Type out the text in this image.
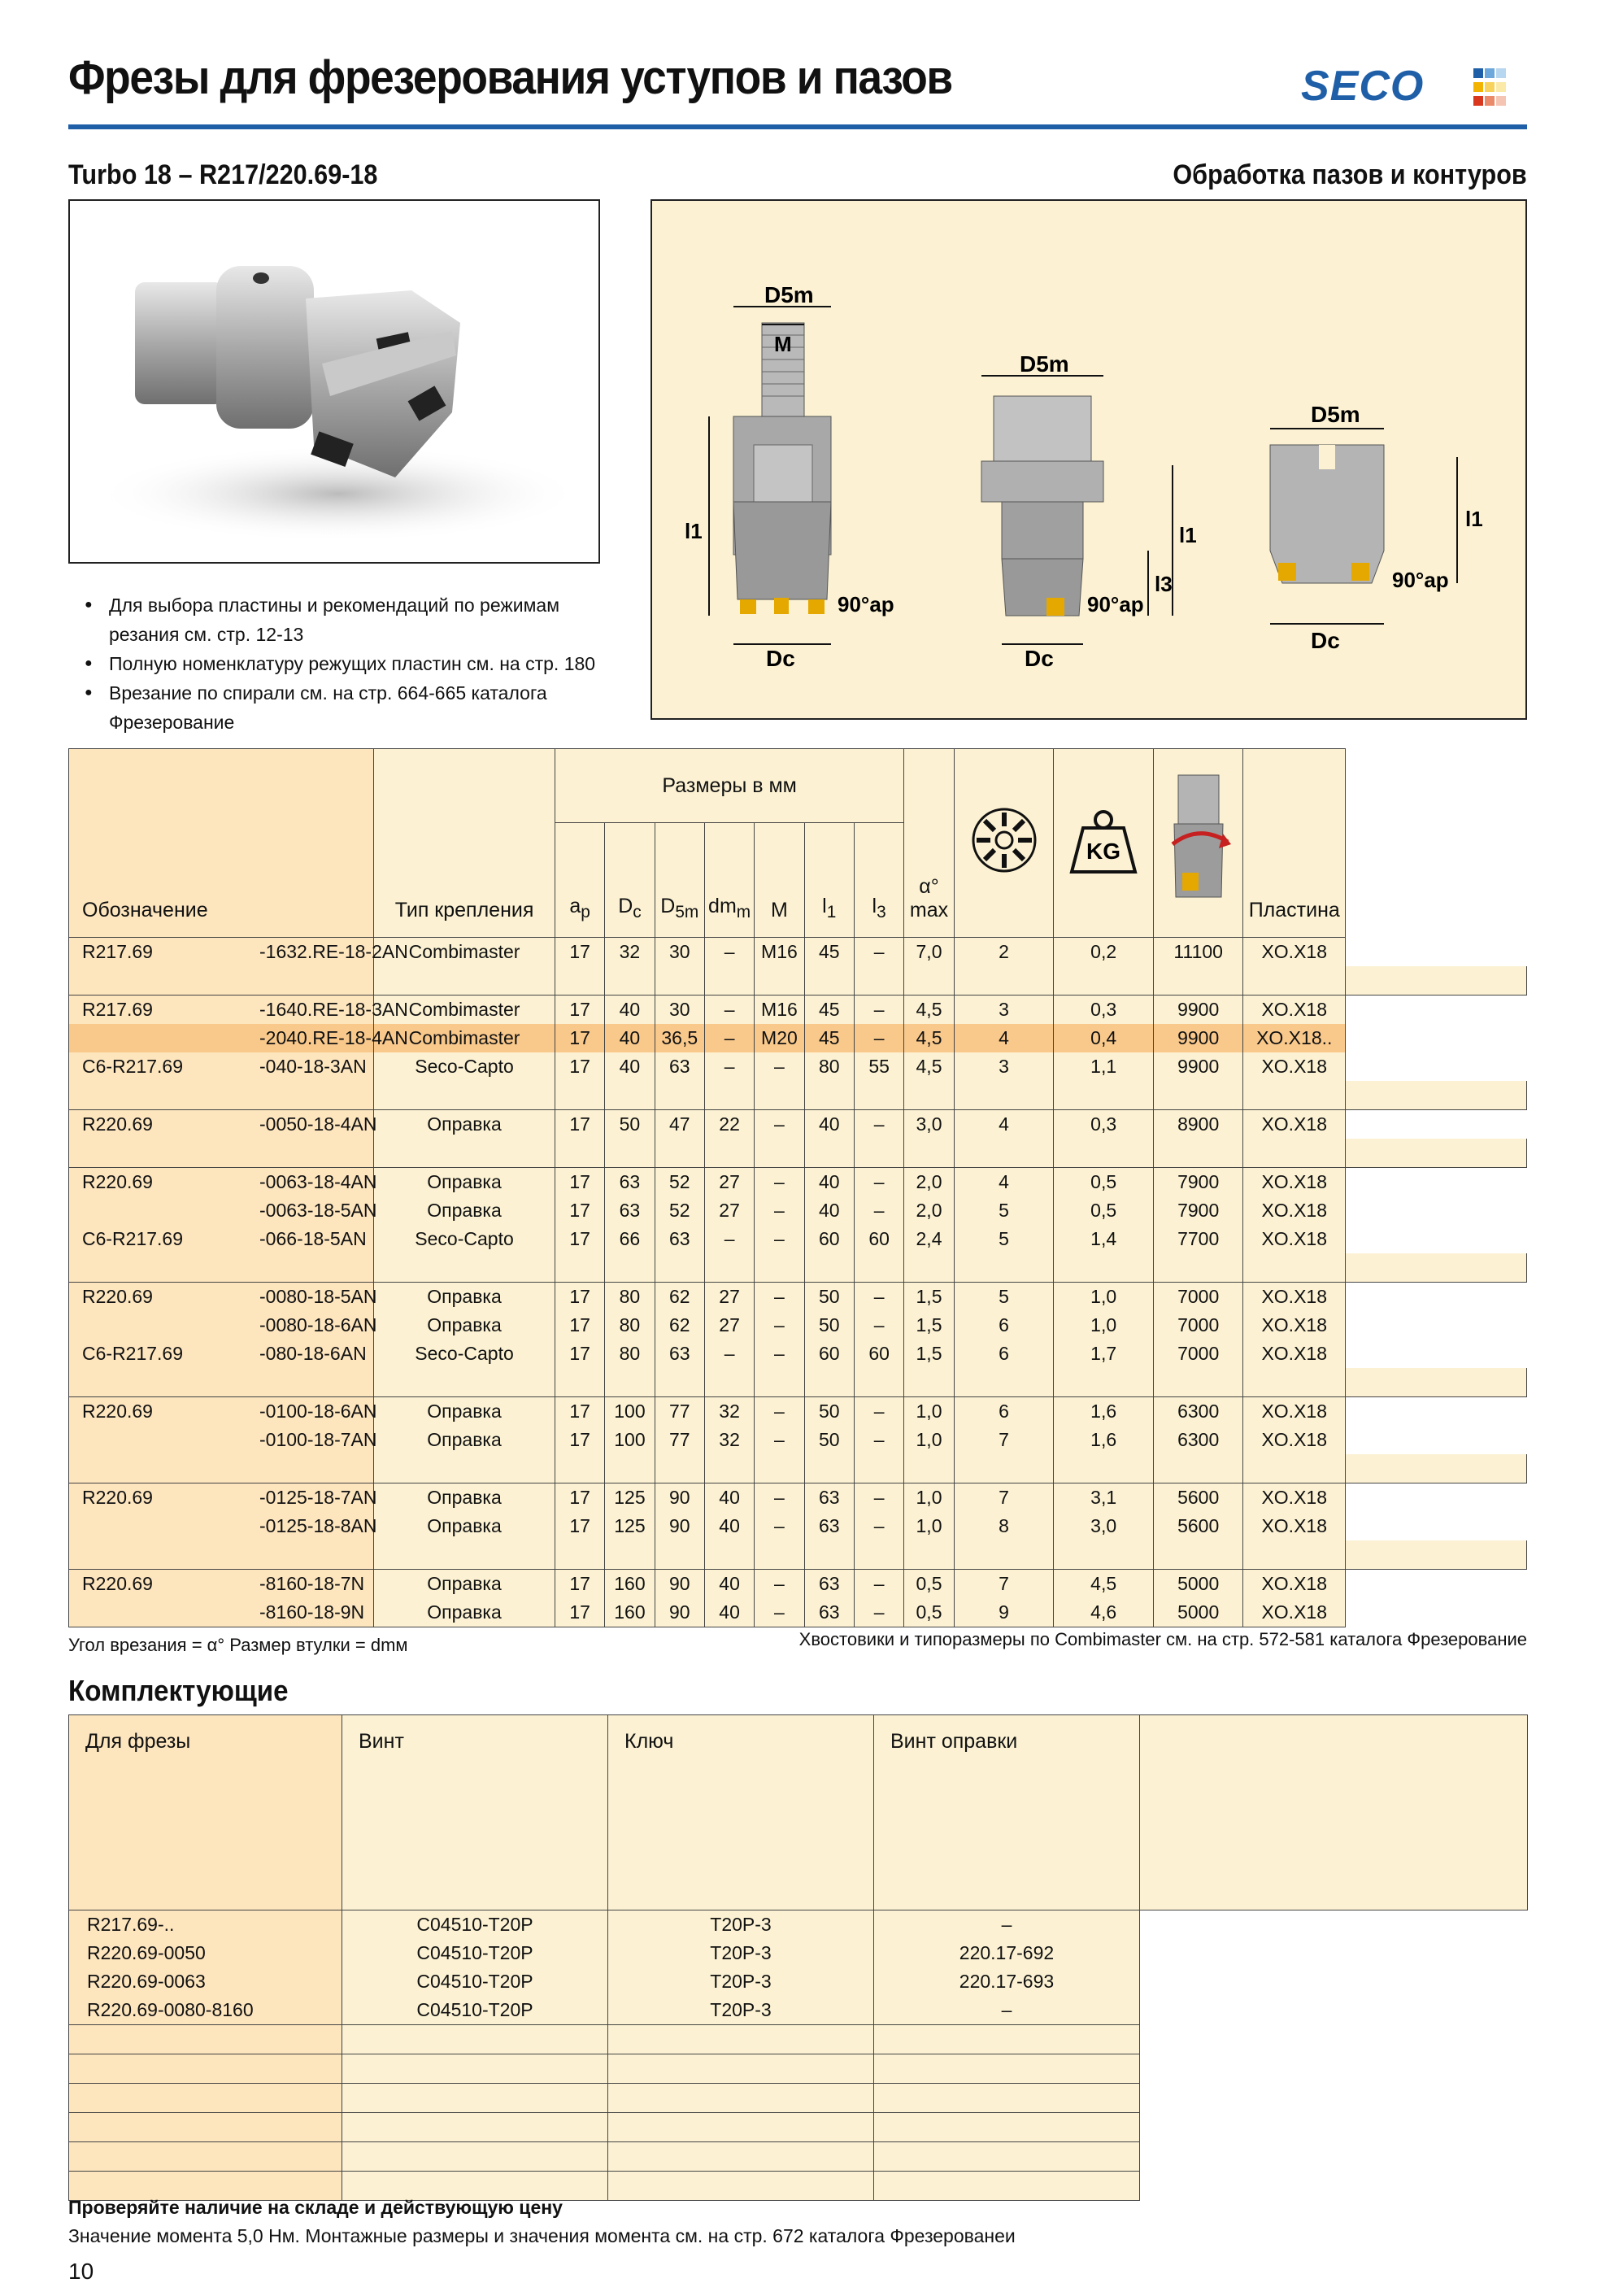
Фрезы для фрезерования уступов и пазов	SECO
Turbo 18 – R217/220.69-18	Обработка пазов и контуров
● Для выбора пластины и рекомендаций по режимам резания см. стр. 12-13
● Полную номенклатуру режущих пластин см. на стр. 180
● Врезание по спирали см. на стр. 664-665 каталога Фрезерование
D5m
M
l1
Dc
90°ap
D5m
l1
l3
Dc
90°ap
D5m
l1
Dc
90°ap
Обозначение	Тип крепления	Размеры в мм							α°
max		KG		Пластина	
		$a_p$	$D_c$	$D_{5m}$	$dm_m$	M	$l_1$	$l_3$
R217.69 -1632.RE-18-2AN	Combimaster	17	32	30	–	M16	45	–	7,0	2	0,2	11100	XO.X18	

R217.69 -1640.RE-18-3AN	Combimaster	17	40	30	–	M16	45	–	4,5	3	0,3	9900	XO.X18	
-2040.RE-18-4AN	Combimaster	17	40	36,5	–	M20	45	–	4,5	4	0,4	9900	XO.X18..	
C6-R217.69 -040-18-3AN	Seco-Capto	17	40	63	–	–	80	55	4,5	3	1,1	9900	XO.X18	

R220.69 -0050-18-4AN	Оправка	17	50	47	22	–	40	–	3,0	4	0,3	8900	XO.X18	

R220.69 -0063-18-4AN	Оправка	17	63	52	27	–	40	–	2,0	4	0,5	7900	XO.X18	
-0063-18-5AN	Оправка	17	63	52	27	–	40	–	2,0	5	0,5	7900	XO.X18	
C6-R217.69 -066-18-5AN	Seco-Capto	17	66	63	–	–	60	60	2,4	5	1,4	7700	XO.X18	

R220.69 -0080-18-5AN	Оправка	17	80	62	27	–	50	–	1,5	5	1,0	7000	XO.X18	
-0080-18-6AN	Оправка	17	80	62	27	–	50	–	1,5	6	1,0	7000	XO.X18	
C6-R217.69 -080-18-6AN	Seco-Capto	17	80	63	–	–	60	60	1,5	6	1,7	7000	XO.X18	

R220.69 -0100-18-6AN	Оправка	17	100	77	32	–	50	–	1,0	6	1,6	6300	XO.X18	
-0100-18-7AN	Оправка	17	100	77	32	–	50	–	1,0	7	1,6	6300	XO.X18	

R220.69 -0125-18-7AN	Оправка	17	125	90	40	–	63	–	1,0	7	3,1	5600	XO.X18	
-0125-18-8AN	Оправка	17	125	90	40	–	63	–	1,0	8	3,0	5600	XO.X18	

R220.69 -8160-18-7N	Оправка	17	160	90	40	–	63	–	0,5	7	4,5	5000	XO.X18	
-8160-18-9N	Оправка	17	160	90	40	–	63	–	0,5	9	4,6	5000	XO.X18	
Угол врезания = α° Размер втулки = dmм	Хвостовики и типоразмеры по Combimaster см. на стр. 572-581 каталога Фрезерование
Комплектующие
Для фрезы	Винт	Ключ	Винт оправки	
R217.69-..	C04510-T20P	T20P-3	–	
R220.69-0050	C04510-T20P	T20P-3	220.17-692	
R220.69-0063	C04510-T20P	T20P-3	220.17-693	
R220.69-0080-8160	C04510-T20P	T20P-3	–	

Проверяйте наличие на складе и действующую цену
Значение момента 5,0 Нм. Монтажные размеры и значения момента см. на стр. 672 каталога Фрезерованеи
10
